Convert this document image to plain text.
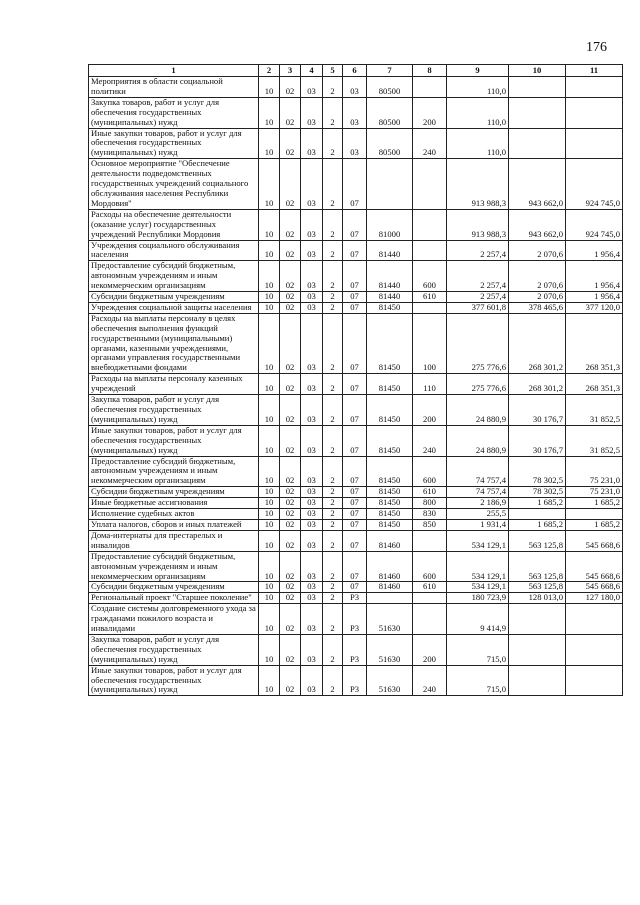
176
1	2	3	4	5	6	7	8	9	10	11
Мероприятия в области социальной политики	10	02	03	2	03	80500		110,0		
Закупка товаров, работ и услуг для обеспечения государственных (муниципальных) нужд	10	02	03	2	03	80500	200	110,0		
Иные закупки товаров, работ и услуг для обеспечения государственных (муниципальных) нужд	10	02	03	2	03	80500	240	110,0		
Основное мероприятие "Обеспечение деятельности подведомственных государственных учреждений социального обслуживания населения Республики Мордовия"	10	02	03	2	07			913 988,3	943 662,0	924 745,0
Расходы на обеспечение деятельности (оказание услуг) государственных учреждений Республики Мордовия	10	02	03	2	07	81000		913 988,3	943 662,0	924 745,0
Учреждения социального обслуживания населения	10	02	03	2	07	81440		2 257,4	2 070,6	1 956,4
Предоставление субсидий бюджетным, автономным учреждениям и иным некоммерческим организациям	10	02	03	2	07	81440	600	2 257,4	2 070,6	1 956,4
Субсидии бюджетным учреждениям	10	02	03	2	07	81440	610	2 257,4	2 070,6	1 956,4
Учреждения социальной защиты населения	10	02	03	2	07	81450		377 601,8	378 465,6	377 120,0
Расходы на выплаты персоналу в целях обеспечения выполнения функций государственными (муниципальными) органами, казенными учреждениями, органами управления государственными внебюджетными фондами	10	02	03	2	07	81450	100	275 776,6	268 301,2	268 351,3
Расходы на выплаты персоналу казенных учреждений	10	02	03	2	07	81450	110	275 776,6	268 301,2	268 351,3
Закупка товаров, работ и услуг для обеспечения государственных (муниципальных) нужд	10	02	03	2	07	81450	200	24 880,9	30 176,7	31 852,5
Иные закупки товаров, работ и услуг для обеспечения государственных (муниципальных) нужд	10	02	03	2	07	81450	240	24 880,9	30 176,7	31 852,5
Предоставление субсидий бюджетным, автономным учреждениям и иным некоммерческим организациям	10	02	03	2	07	81450	600	74 757,4	78 302,5	75 231,0
Субсидии бюджетным учреждениям	10	02	03	2	07	81450	610	74 757,4	78 302,5	75 231,0
Иные бюджетные ассигнования	10	02	03	2	07	81450	800	2 186,9	1 685,2	1 685,2
Исполнение судебных актов	10	02	03	2	07	81450	830	255,5		
Уплата налогов, сборов и иных платежей	10	02	03	2	07	81450	850	1 931,4	1 685,2	1 685,2
Дома-интернаты для престарелых и инвалидов	10	02	03	2	07	81460		534 129,1	563 125,8	545 668,6
Предоставление субсидий бюджетным, автономным учреждениям и иным некоммерческим организациям	10	02	03	2	07	81460	600	534 129,1	563 125,8	545 668,6
Субсидии бюджетным учреждениям	10	02	03	2	07	81460	610	534 129,1	563 125,8	545 668,6
Региональный проект "Старшее поколение"	10	02	03	2	Р3			180 723,9	128 013,0	127 180,0
Создание системы долговременного ухода за гражданами пожилого возраста и инвалидами	10	02	03	2	Р3	51630		9 414,9		
Закупка товаров, работ и услуг для обеспечения государственных (муниципальных) нужд	10	02	03	2	Р3	51630	200	715,0		
Иные закупки товаров, работ и услуг для обеспечения государственных (муниципальных) нужд	10	02	03	2	Р3	51630	240	715,0		
